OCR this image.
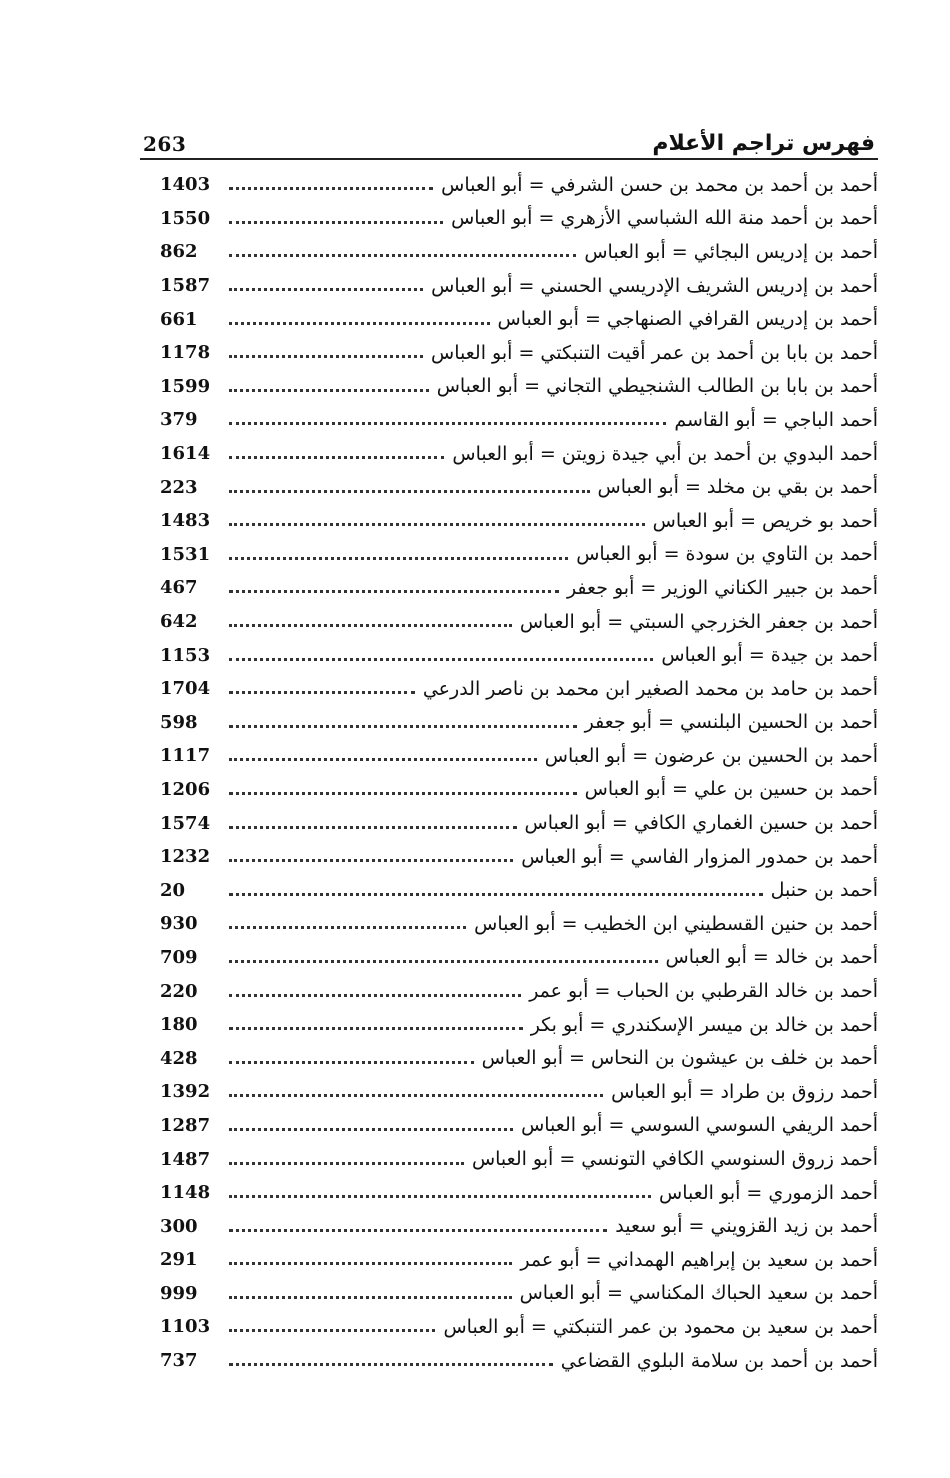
263	فهرس تراجم الأعلام
1403	أحمد بن أحمد بن محمد بن حسن الشرفي = أبو العباس
1550	أحمد بن أحمد منة الله الشباسي الأزهري = أبو العباس
862	أحمد بن إدريس البجائي = أبو العباس
1587	أحمد بن إدريس الشريف الإدريسي الحسني = أبو العباس
661	أحمد بن إدريس القرافي الصنهاجي = أبو العباس
1178	أحمد بن بابا بن أحمد بن عمر أقيت التنبكتي = أبو العباس
1599	أحمد بن بابا بن الطالب الشنجيطي التجاني = أبو العباس
379	أحمد الباجي = أبو القاسم
1614	أحمد البدوي بن أحمد بن أبي جيدة زويتن = أبو العباس
223	أحمد بن بقي بن مخلد = أبو العباس
1483	أحمد بو خريص = أبو العباس
1531	أحمد بن التاوي بن سودة = أبو العباس
467	أحمد بن جبير الكناني الوزير = أبو جعفر
642	أحمد بن جعفر الخزرجي السبتي = أبو العباس
1153	أحمد بن جيدة = أبو العباس
1704	أحمد بن حامد بن محمد الصغير ابن محمد بن ناصر الدرعي
598	أحمد بن الحسين البلنسي = أبو جعفر
1117	أحمد بن الحسين بن عرضون = أبو العباس
1206	أحمد بن حسين بن علي = أبو العباس
1574	أحمد بن حسين الغماري الكافي = أبو العباس
1232	أحمد بن حمدور المزوار الفاسي = أبو العباس
20	أحمد بن حنبل
930	أحمد بن حنين القسطيني ابن الخطيب = أبو العباس
709	أحمد بن خالد = أبو العباس
220	أحمد بن خالد القرطبي بن الحباب = أبو عمر
180	أحمد بن خالد بن ميسر الإسكندري = أبو بكر
428	أحمد بن خلف بن عيشون بن النحاس = أبو العباس
1392	أحمد رزوق بن طراد = أبو العباس
1287	أحمد الريفي السوسي السوسي = أبو العباس
1487	أحمد زروق السنوسي الكافي التونسي = أبو العباس
1148	أحمد الزموري = أبو العباس
300	أحمد بن زيد القزويني = أبو سعيد
291	أحمد بن سعيد بن إبراهيم الهمداني = أبو عمر
999	أحمد بن سعيد الحباك المكناسي = أبو العباس
1103	أحمد بن سعيد بن محمود بن عمر التنبكتي = أبو العباس
737	أحمد بن أحمد بن سلامة البلوي القضاعي
